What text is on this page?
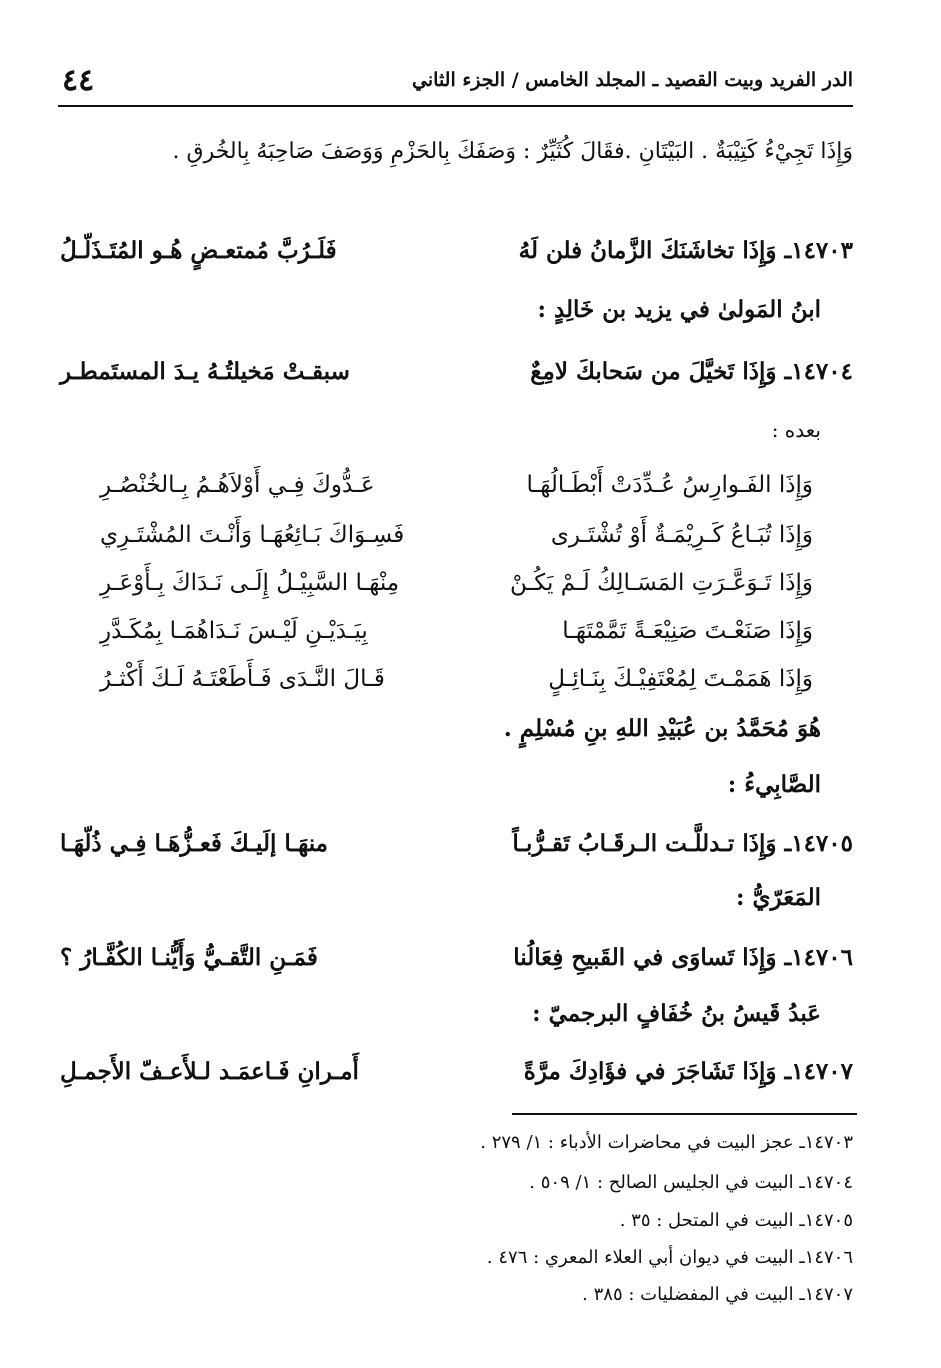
الدر الفريد وبيت القصيد ـ المجلد الخامس / الجزء الثاني
٤٤
وَإِذَا تَجِيْءُ كَتِيْبَةٌ . البَيْتَانِ .فقَالَ كُثَيِّرٌ : وَصَفَكَ بِالحَزْمِ وَوَصَفَ صَاحِبَهُ بِالخُرقِ .
١٤٧٠٣ـ وَإِذَا تخاشَنَكَ الزَّمانُ فلن لَهُ
فَلَـرُبَّ مُمتعـضٍ هُـو المُتَـذَلّـلُ
ابنُ المَولىٰ في يزيد بن خَالِدٍ :
١٤٧٠٤ـ وَإِذَا تَخيَّلَ من سَحابكَ لامِعٌ
سبقـتْ مَخيلتُـهُ يـدَ المستَمطـر
بعده :
وَإِذَا الفَـوارِسُ عُـدِّدَتْ أَبْطَـالُهَـا
عَـدُّوكَ فِـي أَوْلاَهُـمُ بِـالخُنْصُـرِ
وَإِذَا تُبَـاعُ كَـرِيْمَـةٌ أَوْ تُشْتَـرى
فَسِـوَاكَ بَـائِعُهَـا وَأَنْـتَ المُشْتَـرِي
وَإِذَا تَـوَعَّـرَتِ المَسَـالِكُ لَـمْ يَكُـنْ
مِنْهَـا السَّبِيْـلُ إِلَـى نَـدَاكَ بِـأَوْعَـرِ
وَإِذَا صَنَعْـتَ صَنِيْعَـةً تَمَّمْتَهَـا
بِيَـدَيْـنِ لَيْـسَ نَـدَاهُمَـا بِمُكَـدَّرِ
وَإِذَا هَمَمْـتَ لِمُعْتَفِيْـكَ بِنَـائِـلٍ
قَـالَ النَّـدَى فَـأَطَعْتَـهُ لَـكَ أَكْثـرُ
هُوَ مُحَمَّدُ بن عُبَيْدِ اللهِ بنِ مُسْلِمٍ .
الصَّابِيءُ :
١٤٧٠٥ـ وَإِذَا تـدللَّـت الـرقَـابُ تَقـرُّبـاً
منهَـا إلَيـكَ فَعـزُّهَـا فِـي ذُلّهَـا
المَعَرّيُّ :
١٤٧٠٦ـ وَإِذَا تَساوَى في القَبيحِ فِعَالُنا
فَمَـنِ التَّقـيُّ وَأَيُّنـا الكُفَّـارُ ؟
عَبدُ قَيسُ بنُ خُفَافٍ البرجميّ :
١٤٧٠٧ـ وَإِذَا تَشَاجَرَ في فؤَادِكَ مرَّةً
أَمـرانِ فَـاعمَـد لـلأَعـفّ الأَجمـلِ
١٤٧٠٣ـ عجز البيت في محاضرات الأدباء : ١/ ٢٧٩ .
١٤٧٠٤ـ البيت في الجليس الصالح : ١/ ٥٠٩ .
١٤٧٠٥ـ البيت في المتحل : ٣٥ .
١٤٧٠٦ـ البيت في ديوان أبي العلاء المعري : ٤٧٦ .
١٤٧٠٧ـ البيت في المفضليات : ٣٨٥ .
